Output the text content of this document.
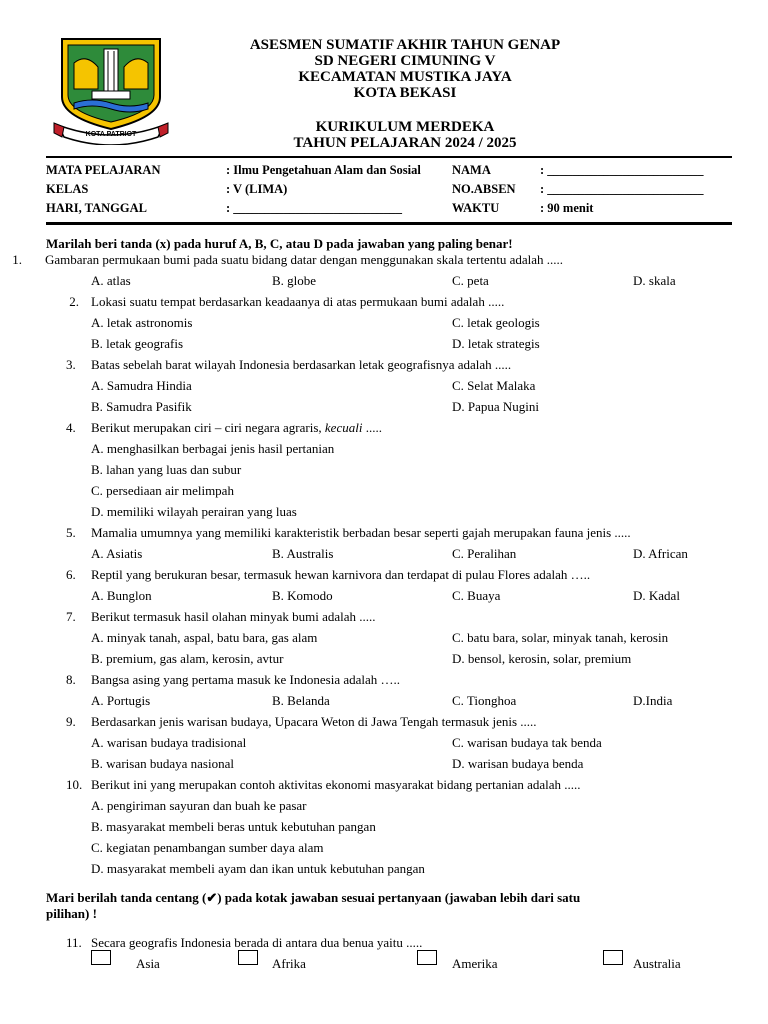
KOTA PATRIOT
ASESMEN SUMATIF AKHIR TAHUN GENAP
SD NEGERI CIMUNING V
KECAMATAN MUSTIKA JAYA
KOTA BEKASI
KURIKULUM MERDEKA
TAHUN PELAJARAN 2024 / 2025
MATA PELAJARAN	: Ilmu Pengetahuan Alam dan Sosial NAMA	: _________________________
KELAS	: V (LIMA)	NO.ABSEN : _________________________
HARI, TANGGAL	: ___________________________	WAKTU	: 90 menit
Marilah beri tanda (x) pada huruf A, B, C, atau D pada jawaban yang paling benar!
1. Gambaran permukaan bumi pada suatu bidang datar dengan menggunakan skala tertentu adalah .....
A. atlas	B. globe	C. peta	D. skala
2. Lokasi suatu tempat berdasarkan keadaanya di atas permukaan bumi adalah .....
A. letak astronomis	C. letak geologis
B. letak geografis	D. letak strategis
3. Batas sebelah barat wilayah Indonesia berdasarkan letak geografisnya adalah .....
A. Samudra Hindia	C. Selat Malaka
B. Samudra Pasifik	D. Papua Nugini
4. Berikut merupakan ciri – ciri negara agraris, kecuali .....
A. menghasilkan berbagai jenis hasil pertanian
B. lahan yang luas dan subur
C. persediaan air melimpah
D. memiliki wilayah perairan yang luas
5. Mamalia umumnya yang memiliki karakteristik berbadan besar seperti gajah merupakan fauna jenis .....
A. Asiatis	B. Australis	C. Peralihan	D. African
6. Reptil yang berukuran besar, termasuk hewan karnivora dan terdapat di pulau Flores adalah …..
A. Bunglon	B. Komodo	C. Buaya	D. Kadal
7. Berikut termasuk hasil olahan minyak bumi adalah .....
A. minyak tanah, aspal, batu bara, gas alam	C. batu bara, solar, minyak tanah, kerosin
B. premium, gas alam, kerosin, avtur	D. bensol, kerosin, solar, premium
8. Bangsa asing yang pertama masuk ke Indonesia adalah …..
A. Portugis	B. Belanda	C. Tionghoa	D.India
9. Berdasarkan jenis warisan budaya, Upacara Weton di Jawa Tengah termasuk jenis .....
A. warisan budaya tradisional	C. warisan budaya tak benda
B. warisan budaya nasional	D. warisan budaya benda
10. Berikut ini yang merupakan contoh aktivitas ekonomi masyarakat bidang pertanian adalah .....
A. pengiriman sayuran dan buah ke pasar
B. masyarakat membeli beras untuk kebutuhan pangan
C. kegiatan penambangan sumber daya alam
D. masyarakat membeli ayam dan ikan untuk kebutuhan pangan
Mari berilah tanda centang (✔) pada kotak jawaban sesuai pertanyaan (jawaban lebih dari satu
pilihan) !
11. Secara geografis Indonesia berada di antara dua benua yaitu .....
Asia	Afrika	Amerika	Australia
